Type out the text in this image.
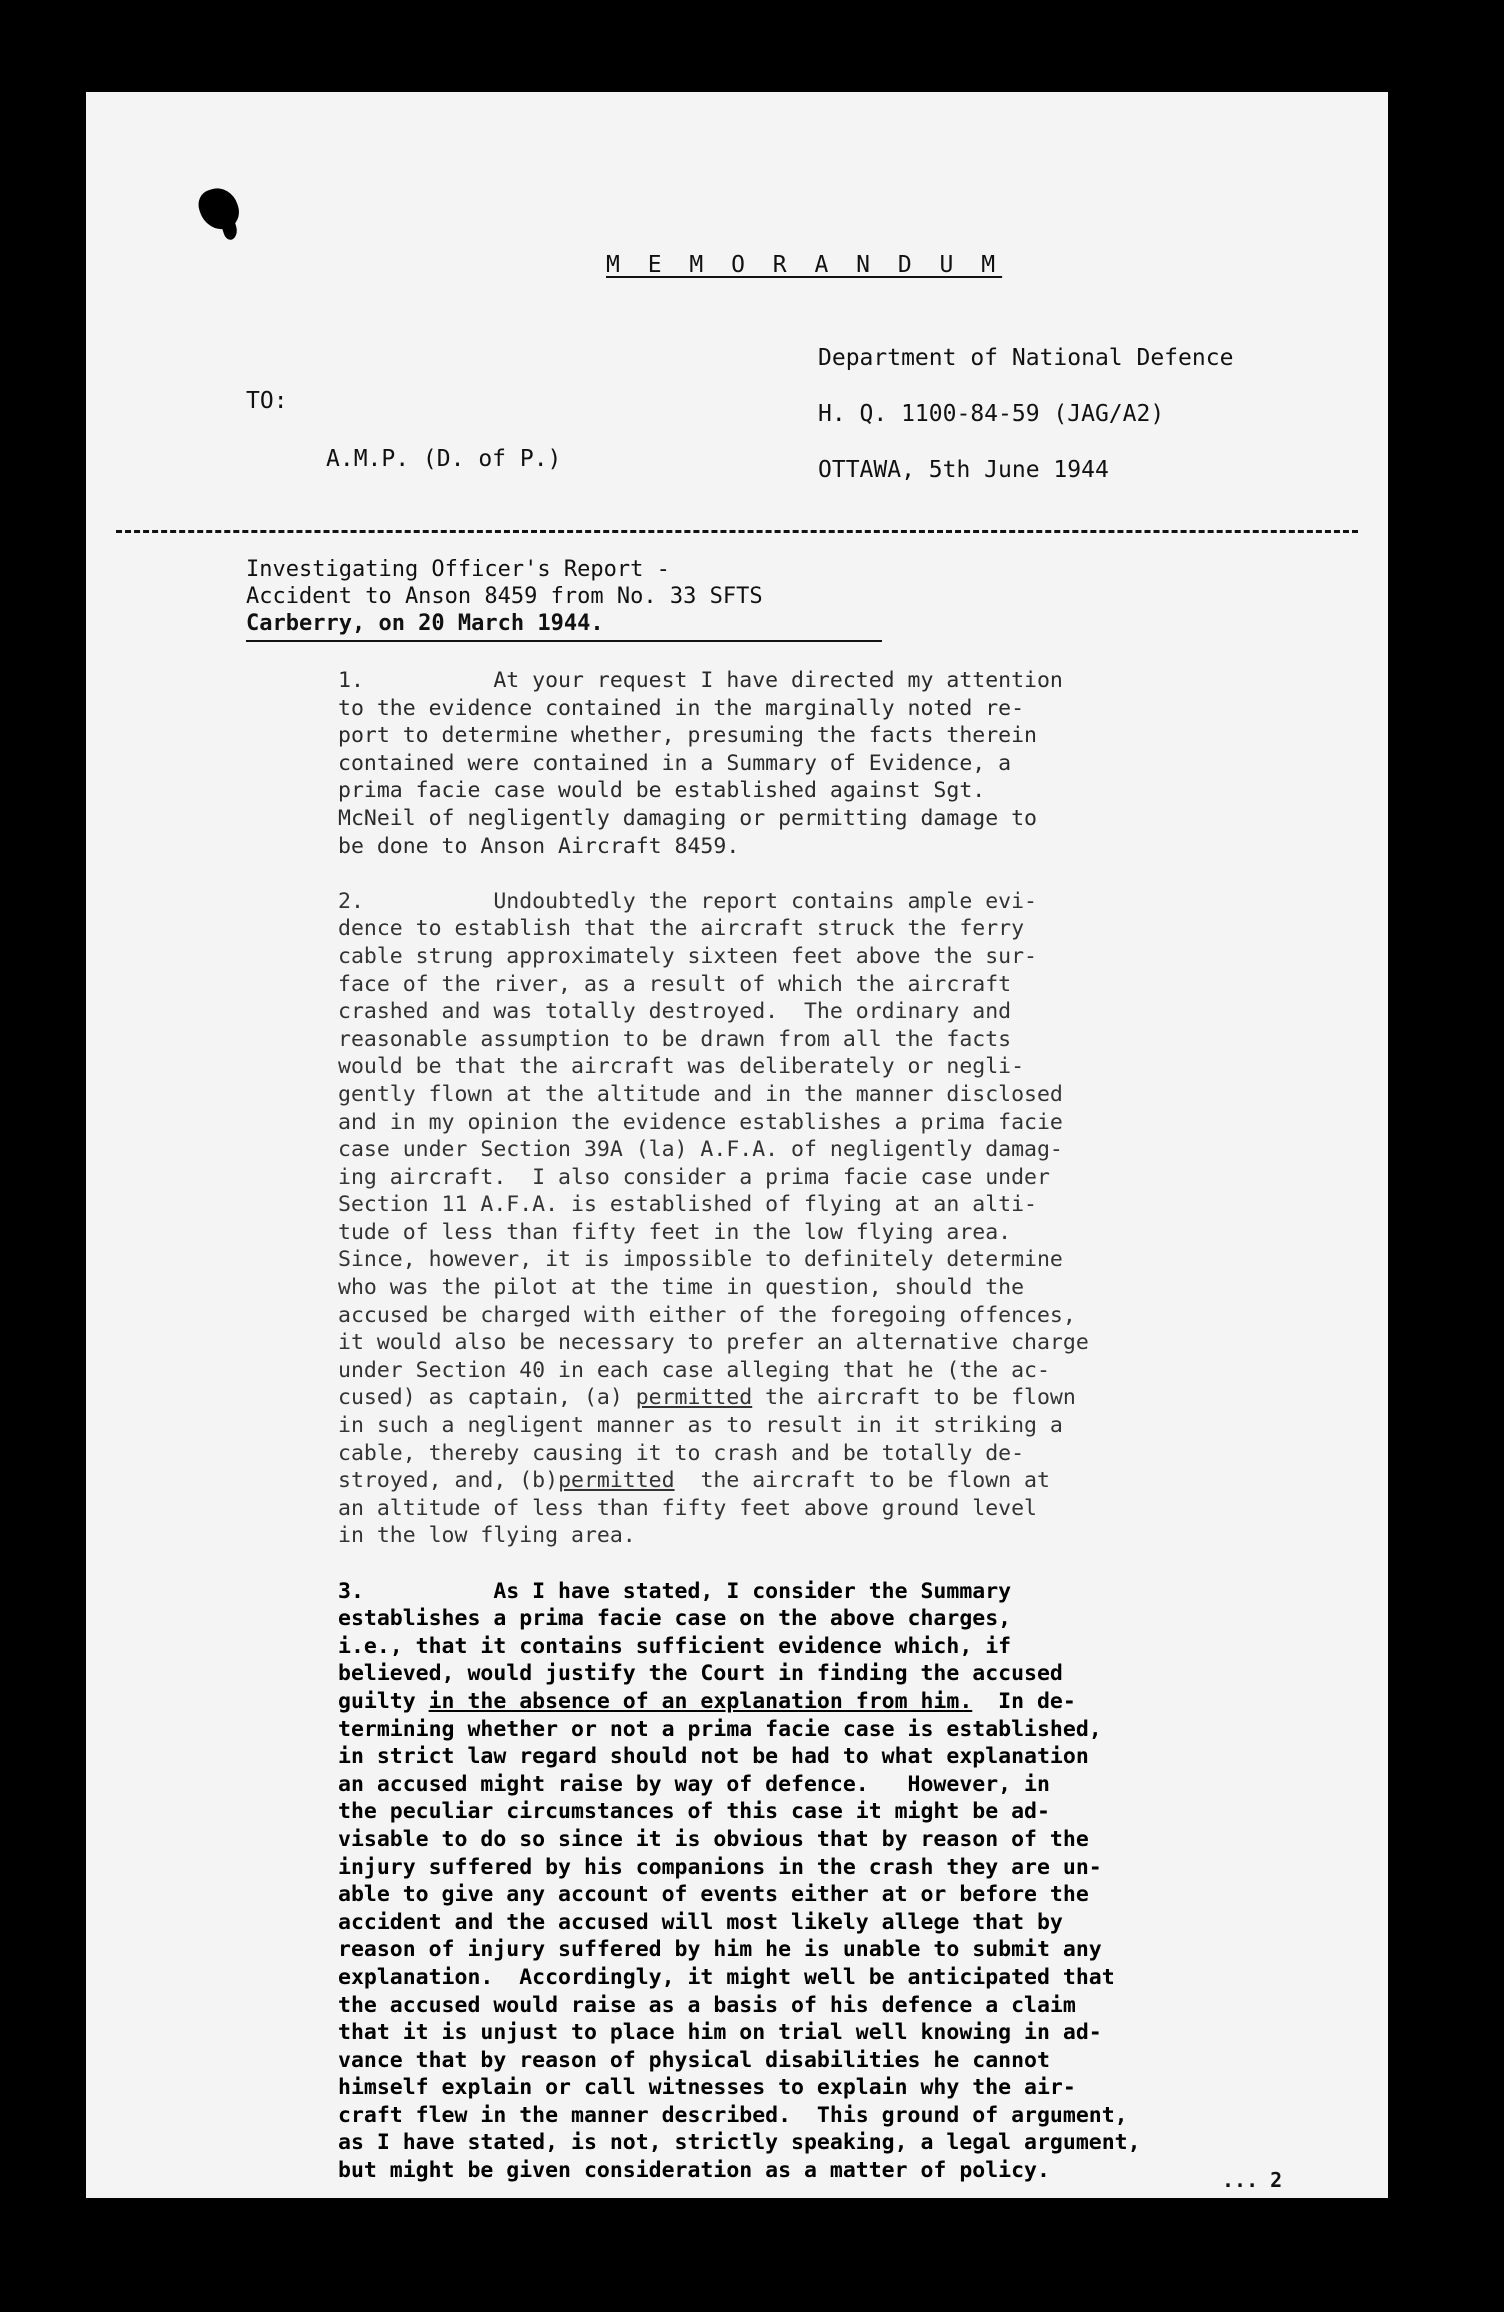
M E M O R A N D U M
Department of National Defence
H. Q. 1100-84-59 (JAG/A2)
OTTAWA, 5th June 1944
TO:
A.M.P. (D. of P.)
Investigating Officer's Report -
Accident to Anson 8459 from No. 33 SFTS
Carberry, on 20 March 1944.
1.          At your request I have directed my attention
to the evidence contained in the marginally noted re-
port to determine whether, presuming the facts therein
contained were contained in a Summary of Evidence, a
prima facie case would be established against Sgt.
McNeil of negligently damaging or permitting damage to
be done to Anson Aircraft 8459.
2.          Undoubtedly the report contains ample evi-
dence to establish that the aircraft struck the ferry
cable strung approximately sixteen feet above the sur-
face of the river, as a result of which the aircraft
crashed and was totally destroyed.  The ordinary and
reasonable assumption to be drawn from all the facts
would be that the aircraft was deliberately or negli-
gently flown at the altitude and in the manner disclosed
and in my opinion the evidence establishes a prima facie
case under Section 39A (la) A.F.A. of negligently damag-
ing aircraft.  I also consider a prima facie case under
Section 11 A.F.A. is established of flying at an alti-
tude of less than fifty feet in the low flying area.
Since, however, it is impossible to definitely determine
who was the pilot at the time in question, should the
accused be charged with either of the foregoing offences,
it would also be necessary to prefer an alternative charge
under Section 40 in each case alleging that he (the ac-
cused) as captain, (a) permitted the aircraft to be flown
in such a negligent manner as to result in it striking a
cable, thereby causing it to crash and be totally de-
stroyed, and, (b)permitted  the aircraft to be flown at
an altitude of less than fifty feet above ground level
in the low flying area.
3.          As I have stated, I consider the Summary
establishes a prima facie case on the above charges,
i.e., that it contains sufficient evidence which, if
believed, would justify the Court in finding the accused
guilty in the absence of an explanation from him.  In de-
termining whether or not a prima facie case is established,
in strict law regard should not be had to what explanation
an accused might raise by way of defence.   However, in
the peculiar circumstances of this case it might be ad-
visable to do so since it is obvious that by reason of the
injury suffered by his companions in the crash they are un-
able to give any account of events either at or before the
accident and the accused will most likely allege that by
reason of injury suffered by him he is unable to submit any
explanation.  Accordingly, it might well be anticipated that
the accused would raise as a basis of his defence a claim
that it is unjust to place him on trial well knowing in ad-
vance that by reason of physical disabilities he cannot
himself explain or call witnesses to explain why the air-
craft flew in the manner described.  This ground of argument,
as I have stated, is not, strictly speaking, a legal argument,
but might be given consideration as a matter of policy.	... 2
